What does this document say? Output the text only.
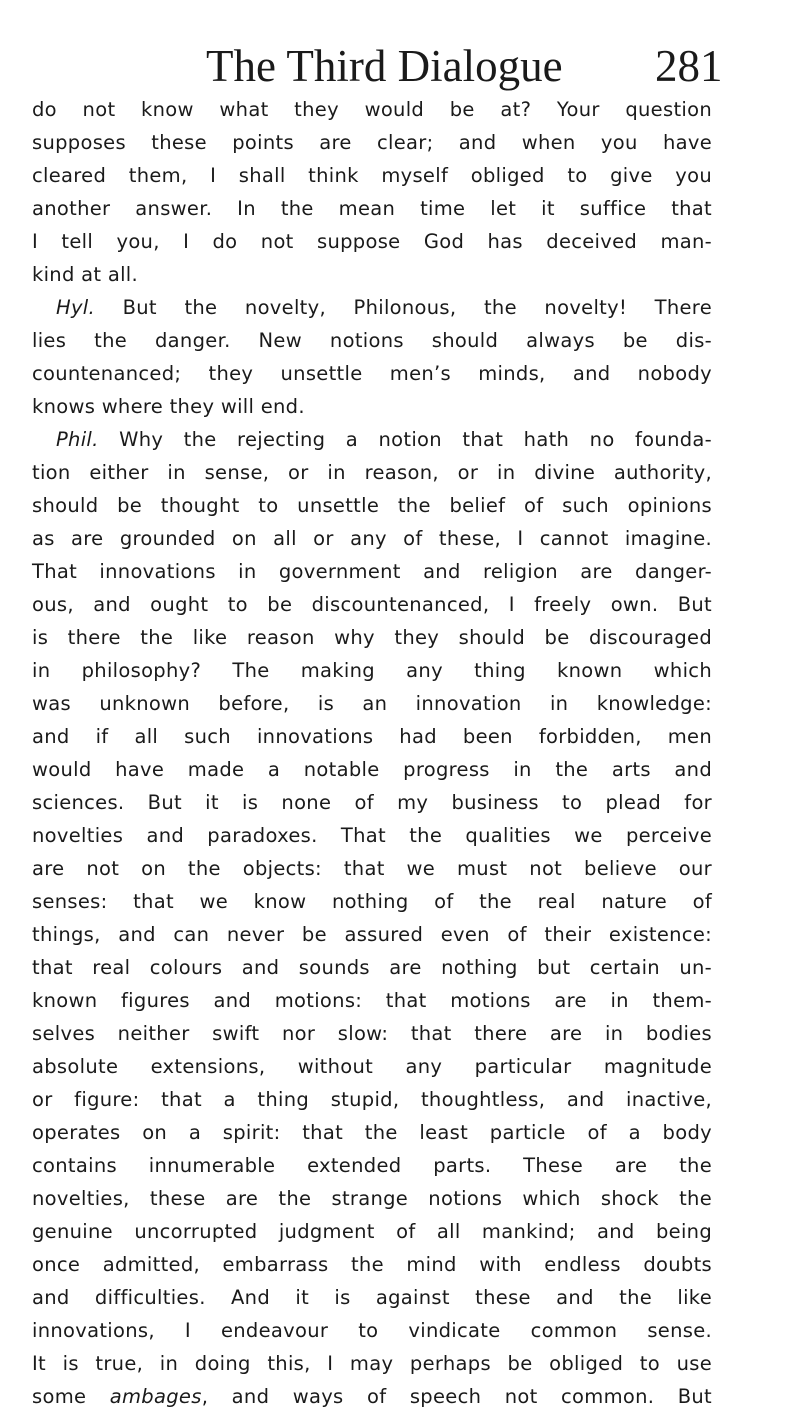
The Third Dialogue 281
do not know what they would be at? Your question
supposes these points are clear; and when you have
cleared them, I shall think myself obliged to give you
another answer. In the mean time let it suffice that
I tell you, I do not suppose God has deceived man-
kind at all.
Hyl. But the novelty, Philonous, the novelty! There
lies the danger. New notions should always be dis-
countenanced; they unsettle men’s minds, and nobody
knows where they will end.
Phil. Why the rejecting a notion that hath no founda-
tion either in sense, or in reason, or in divine authority,
should be thought to unsettle the belief of such opinions
as are grounded on all or any of these, I cannot imagine.
That innovations in government and religion are danger-
ous, and ought to be discountenanced, I freely own. But
is there the like reason why they should be discouraged
in philosophy? The making any thing known which
was unknown before, is an innovation in knowledge:
and if all such innovations had been forbidden, men
would have made a notable progress in the arts and
sciences. But it is none of my business to plead for
novelties and paradoxes. That the qualities we perceive
are not on the objects: that we must not believe our
senses: that we know nothing of the real nature of
things, and can never be assured even of their existence:
that real colours and sounds are nothing but certain un-
known figures and motions: that motions are in them-
selves neither swift nor slow: that there are in bodies
absolute extensions, without any particular magnitude
or figure: that a thing stupid, thoughtless, and inactive,
operates on a spirit: that the least particle of a body
contains innumerable extended parts. These are the
novelties, these are the strange notions which shock the
genuine uncorrupted judgment of all mankind; and being
once admitted, embarrass the mind with endless doubts
and difficulties. And it is against these and the like
innovations, I endeavour to vindicate common sense.
It is true, in doing this, I may perhaps be obliged to use
some ambages, and ways of speech not common. But
